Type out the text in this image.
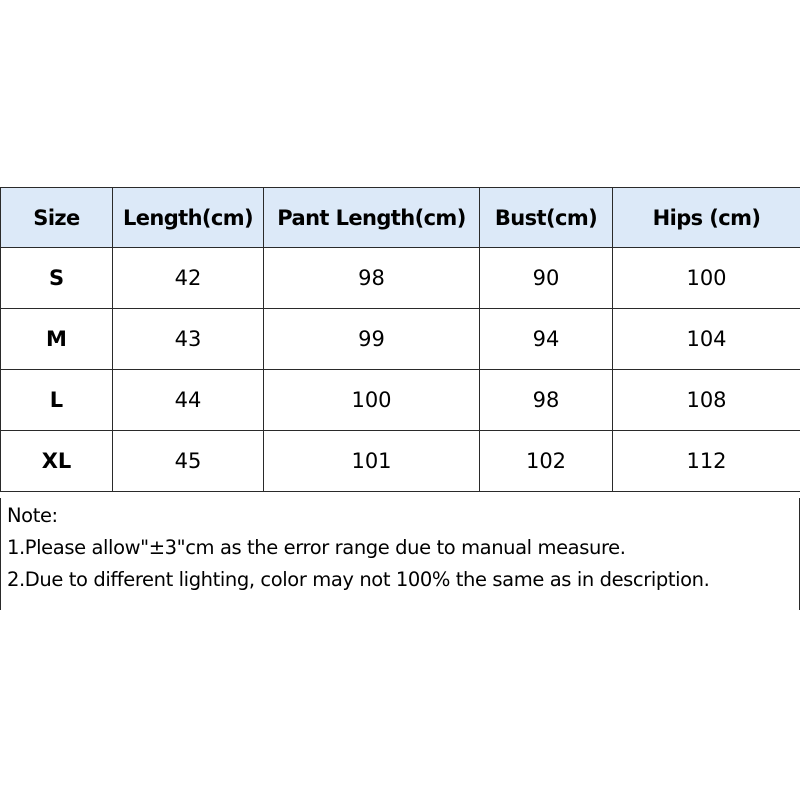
Size	Length(cm)	Pant Length(cm)	Bust(cm)	Hips (cm)
S	42	98	90	100
M	43	99	94	104
L	44	100	98	108
XL	45	101	102	112
Note:
1.Please allow"±3"cm as the error range due to manual measure.
2.Due to different lighting, color may not 100% the same as in description.
